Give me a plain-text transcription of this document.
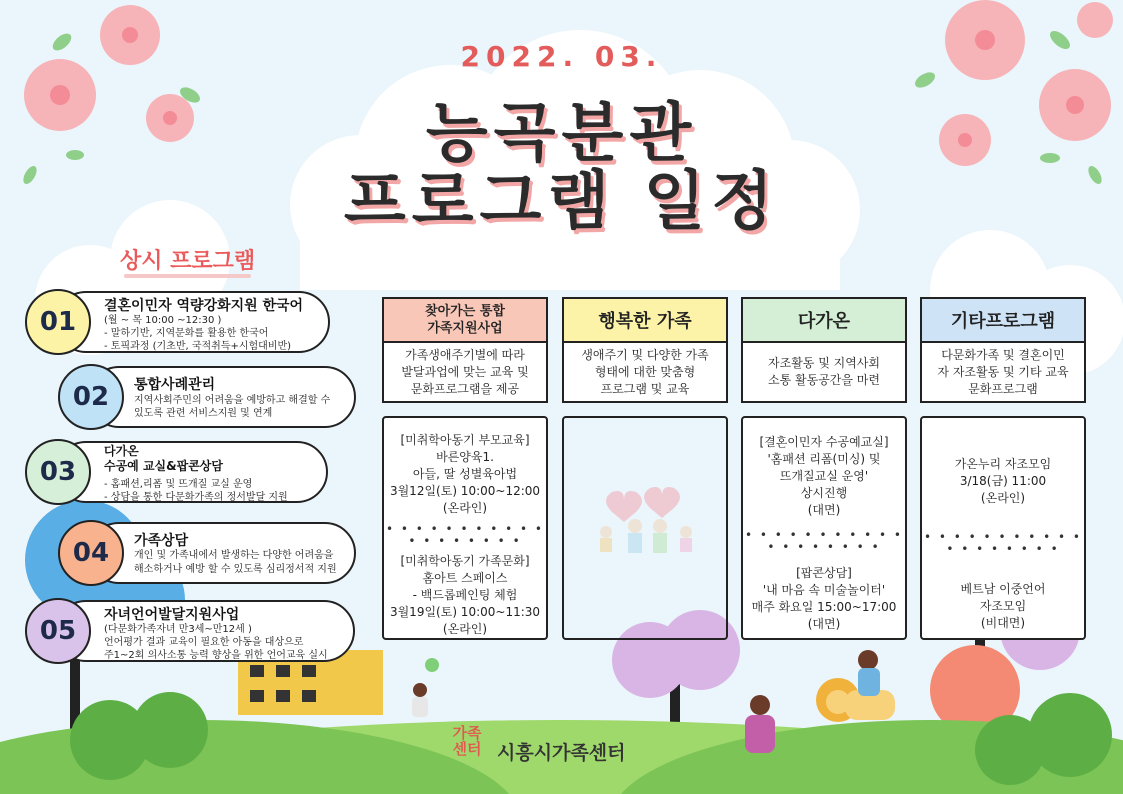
2022. 03.
능곡분관
프로그램 일정
상시 프로그램
01
결혼이민자 역량강화지원 한국어
(월 ~ 목 10:00 ~12:30 )
- 말하기반, 지역문화를 활용한 한국어
- 토픽과정 (기초반, 국적취득+시험대비반)
02	통합사례관리
지역사회주민의 어려움을 예방하고 해결할 수
있도록 관련 서비스지원 및 연계
03
다가온
수공예 교실&팝콘상담
- 홈패션,리폼 및 뜨개질 교실 운영
- 상담을 통한 다문화가족의 정서발달 지원
04	가족상담
개인 및 가족내에서 발생하는 다양한 어려움을
해소하거나 예방 할 수 있도록 심리정서적 지원
05
자녀언어발달지원사업
(다문화가족자녀 만3세~만12세 )
언어평가 결과 교육이 필요한 아동을 대상으로
주1~2회 의사소통 능력 향상을 위한 언어교육 실시
찾아가는 통합
가족지원사업
가족생애주기별에 따라
발달과업에 맞는 교육 및
문화프로그램을 제공
[미취학아동기 부모교육]
바른양육1.
아들, 딸 성별육아법
3월12일(토) 10:00~12:00
(온라인)
• • • • • • • • • • • • • • • • • • •
[미취학아동기 가족문화]
홈아트 스페이스
- 백드롭페인팅 체험
3월19일(토) 10:00~11:30
(온라인)
행복한 가족
생애주기 및 다양한 가족
형태에 대한 맞춤형
프로그램 및 교육
다가온
자조활동 및 지역사회
소통 활동공간을 마련
[결혼이민자 수공예교실]
'홈패션 리폼(미싱) 및
뜨개질교실 운영'
상시진행
(대면)
• • • • • • • • • • • • • • • • • • •
[팝콘상담]
'내 마음 속 미술놀이터'
매주 화요일 15:00~17:00
(대면)
기타프로그램
다문화가족 및 결혼이민
자 자조활동 및 기타 교육
문화프로그램
가온누리 자조모임
3/18(금) 11:00
(온라인)
• • • • • • • • • • • • • • • • • • •
베트남 이중언어
자조모임
(비대면)
가족
센터 시흥시가족센터
